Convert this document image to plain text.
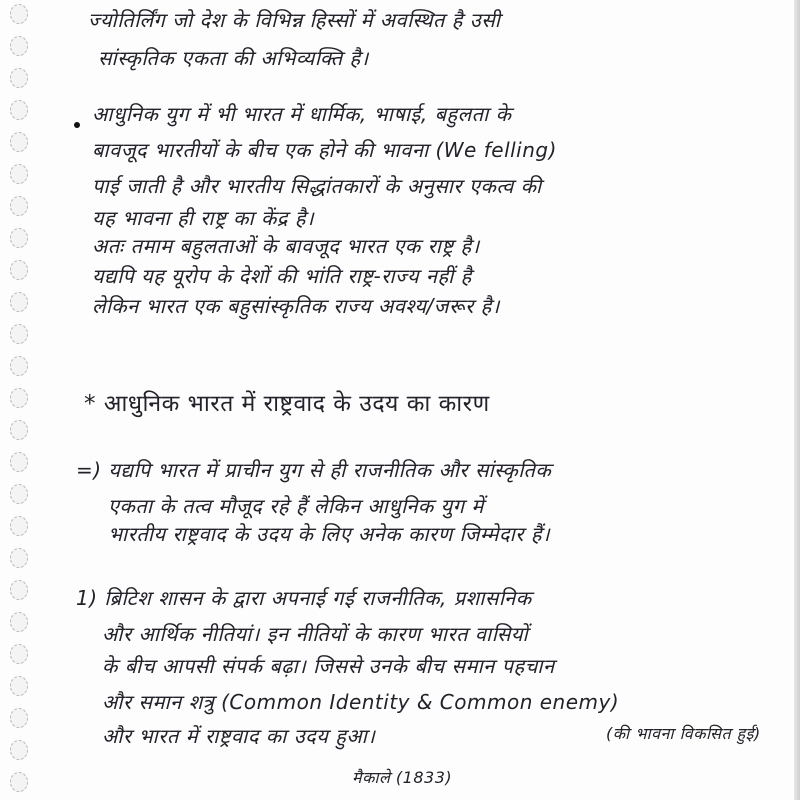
ज्योतिर्लिंग जो देश के विभिन्न हिस्सों में अवस्थित है उसी
सांस्कृतिक एकता की अभिव्यक्ति है।
आधुनिक युग में भी भारत में धार्मिक, भाषाई, बहुलता के
बावजूद भारतीयों के बीच एक होने की भावना (We felling)
पाई जाती है और भारतीय सिद्धांतकारों के अनुसार एकत्व की
यह भावना ही राष्ट्र का केंद्र है।
अतः तमाम बहुलताओं के बावजूद भारत एक राष्ट्र है।
यद्यपि यह यूरोप के देशों की भांति राष्ट्र-राज्य नहीं है
लेकिन भारत एक बहुसांस्कृतिक राज्य अवश्य/जरूर है।
* आधुनिक भारत में राष्ट्रवाद के उदय का कारण
=) यद्यपि भारत में प्राचीन युग से ही राजनीतिक और सांस्कृतिक
एकता के तत्व मौजूद रहे हैं लेकिन आधुनिक युग में
भारतीय राष्ट्रवाद के उदय के लिए अनेक कारण जिम्मेदार हैं।
1) ब्रिटिश शासन के द्वारा अपनाई गई राजनीतिक, प्रशासनिक
और आर्थिक नीतियां। इन नीतियों के कारण भारत वासियों
के बीच आपसी संपर्क बढ़ा। जिससे उनके बीच समान पहचान
और समान शत्रु (Common Identity & Common enemy)
और भारत में राष्ट्रवाद का उदय हुआ।	(की भावना विकसित हुई)
मैकाले (1833)
